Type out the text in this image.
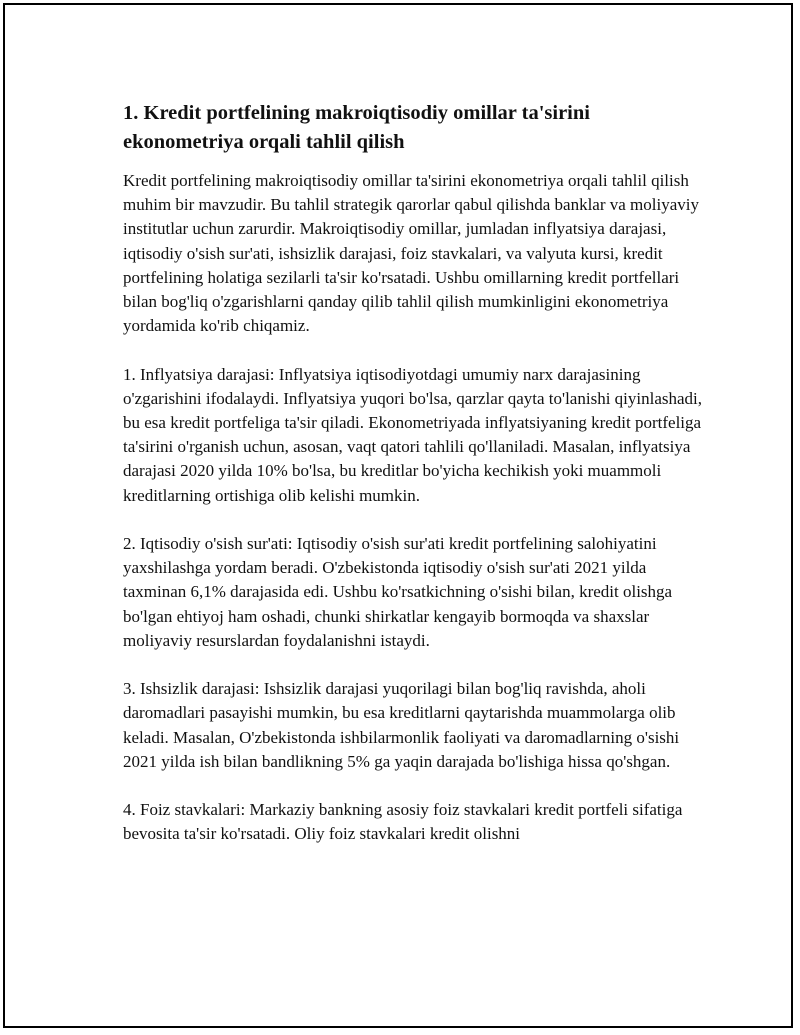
1. Kredit portfelining makroiqtisodiy omillar ta'sirini ekonometriya orqali tahlil qilish

Kredit portfelining makroiqtisodiy omillar ta'sirini ekonometriya orqali tahlil qilish muhim bir mavzudir. Bu tahlil strategik qarorlar qabul qilishda banklar va moliyaviy institutlar uchun zarurdir. Makroiqtisodiy omillar, jumladan inflyatsiya darajasi, iqtisodiy o'sish sur'ati, ishsizlik darajasi, foiz stavkalari, va valyuta kursi, kredit portfelining holatiga sezilarli ta'sir ko'rsatadi. Ushbu omillarning kredit portfellari bilan bog'liq o'zgarishlarni qanday qilib tahlil qilish mumkinligini ekonometriya yordamida ko'rib chiqamiz.

1. Inflyatsiya darajasi: Inflyatsiya iqtisodiyotdagi umumiy narx darajasining o'zgarishini ifodalaydi. Inflyatsiya yuqori bo'lsa, qarzlar qayta to'lanishi qiyinlashadi, bu esa kredit portfeliga ta'sir qiladi. Ekonometriyada inflyatsiyaning kredit portfeliga ta'sirini o'rganish uchun, asosan, vaqt qatori tahlili qo'llaniladi. Masalan, inflyatsiya darajasi 2020 yilda 10% bo'lsa, bu kreditlar bo'yicha kechikish yoki muammoli kreditlarning ortishiga olib kelishi mumkin.

2. Iqtisodiy o'sish sur'ati: Iqtisodiy o'sish sur'ati kredit portfelining salohiyatini yaxshilashga yordam beradi. O'zbekistonda iqtisodiy o'sish sur'ati 2021 yilda taxminan 6,1% darajasida edi. Ushbu ko'rsatkichning o'sishi bilan, kredit olishga bo'lgan ehtiyoj ham oshadi, chunki shirkatlar kengayib bormoqda va shaxslar moliyaviy resurslardan foydalanishni istaydi.

3. Ishsizlik darajasi: Ishsizlik darajasi yuqorilagi bilan bog'liq ravishda, aholi daromadlari pasayishi mumkin, bu esa kreditlarni qaytarishda muammolarga olib keladi. Masalan, O'zbekistonda ishbilarmonlik faoliyati va daromadlarning o'sishi 2021 yilda ish bilan bandlikning 5% ga yaqin darajada bo'lishiga hissa qo'shgan.

4. Foiz stavkalari: Markaziy bankning asosiy foiz stavkalari kredit portfeli sifatiga bevosita ta'sir ko'rsatadi. Oliy foiz stavkalari kredit olishni
